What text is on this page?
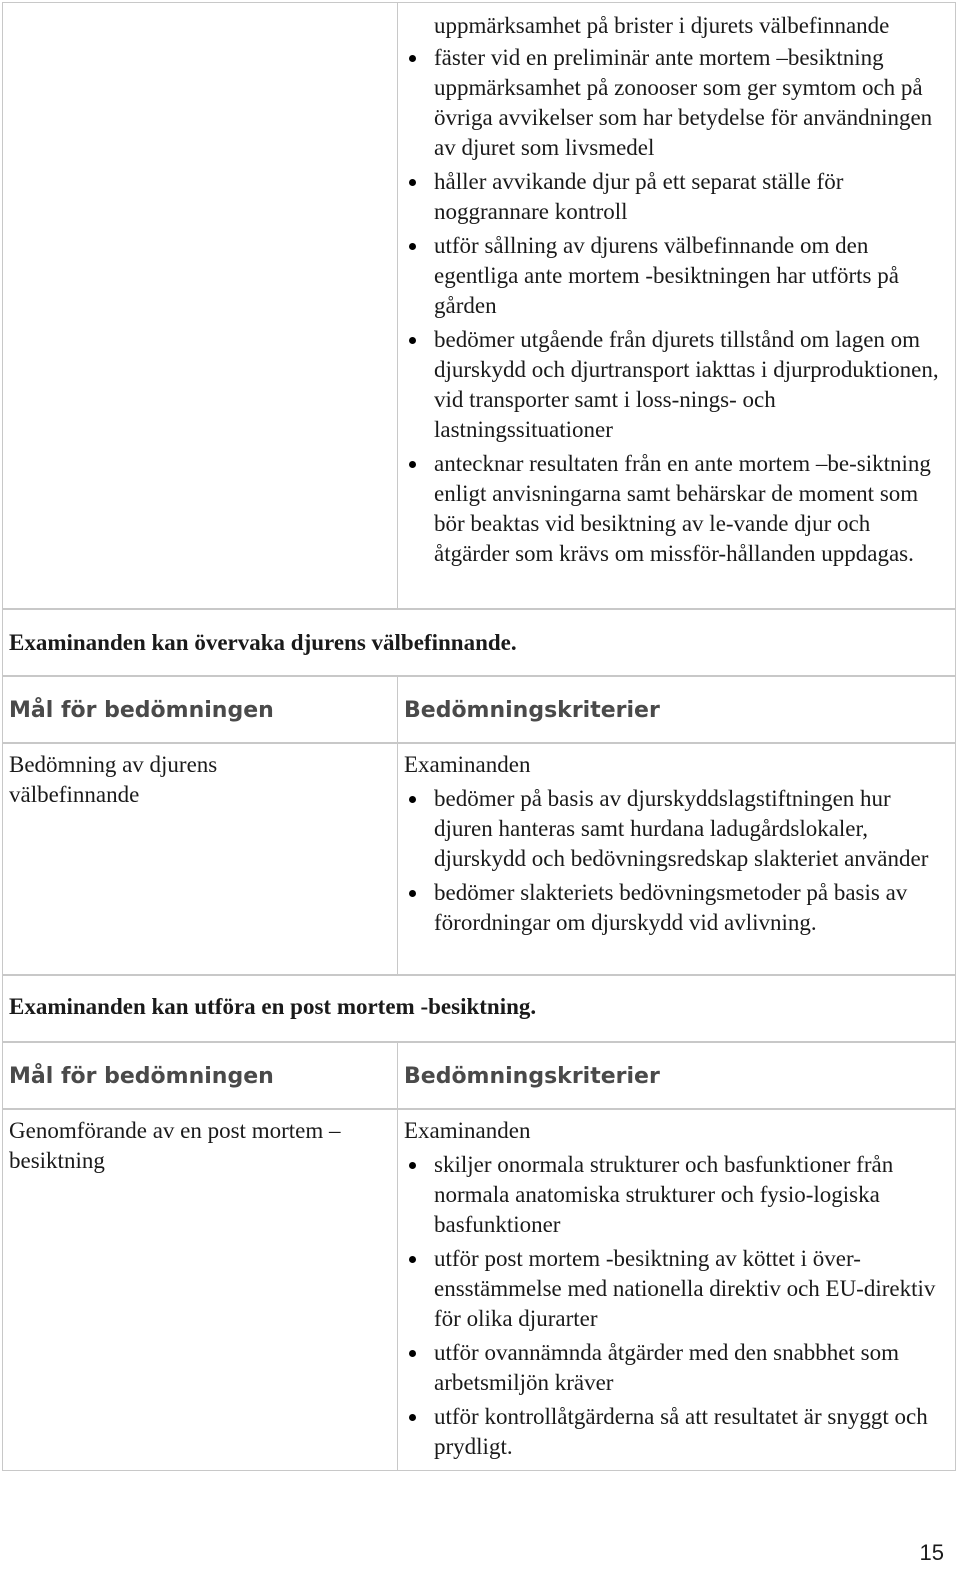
uppmärksamhet på brister i djurets välbefinnande
fäster vid en preliminär ante mortem –besiktning uppmärksamhet på zonooser som ger symtom och på övriga avvikelser som har betydelse för användningen av djuret som livsmedel
håller avvikande djur på ett separat ställe för noggrannare kontroll
utför sållning av djurens välbefinnande om den egentliga ante mortem -besiktningen har utförts på gården
bedömer utgående från djurets tillstånd om lagen om djurskydd och djurtransport iakttas i djurproduktionen, vid transporter samt i loss-nings- och lastningssituationer
antecknar resultaten från en ante mortem –be-siktning enligt anvisningarna samt behärskar de moment som bör beaktas vid besiktning av le-vande djur och åtgärder som krävs om missför-hållanden uppdagas.
Examinanden kan övervaka djurens välbefinnande.
Mål för bedömningen	Bedömningskriterier
Bedömning av djurens välbefinnande
Examinanden
bedömer på basis av djurskyddslagstiftningen hur djuren hanteras samt hurdana ladugårdslokaler, djurskydd och bedövningsredskap slakteriet använder
bedömer slakteriets bedövningsmetoder på basis av förordningar om djurskydd vid avlivning.
Examinanden kan utföra en post mortem -besiktning.
Mål för bedömningen	Bedömningskriterier
Genomförande av en post mortem –besiktning
Examinanden
skiljer onormala strukturer och basfunktioner från normala anatomiska strukturer och fysio-logiska basfunktioner
utför post mortem -besiktning av köttet i över-ensstämmelse med nationella direktiv och EU-direktiv för olika djurarter
utför ovannämnda åtgärder med den snabbhet som arbetsmiljön kräver
utför kontrollåtgärderna så att resultatet är snyggt och prydligt.
15
